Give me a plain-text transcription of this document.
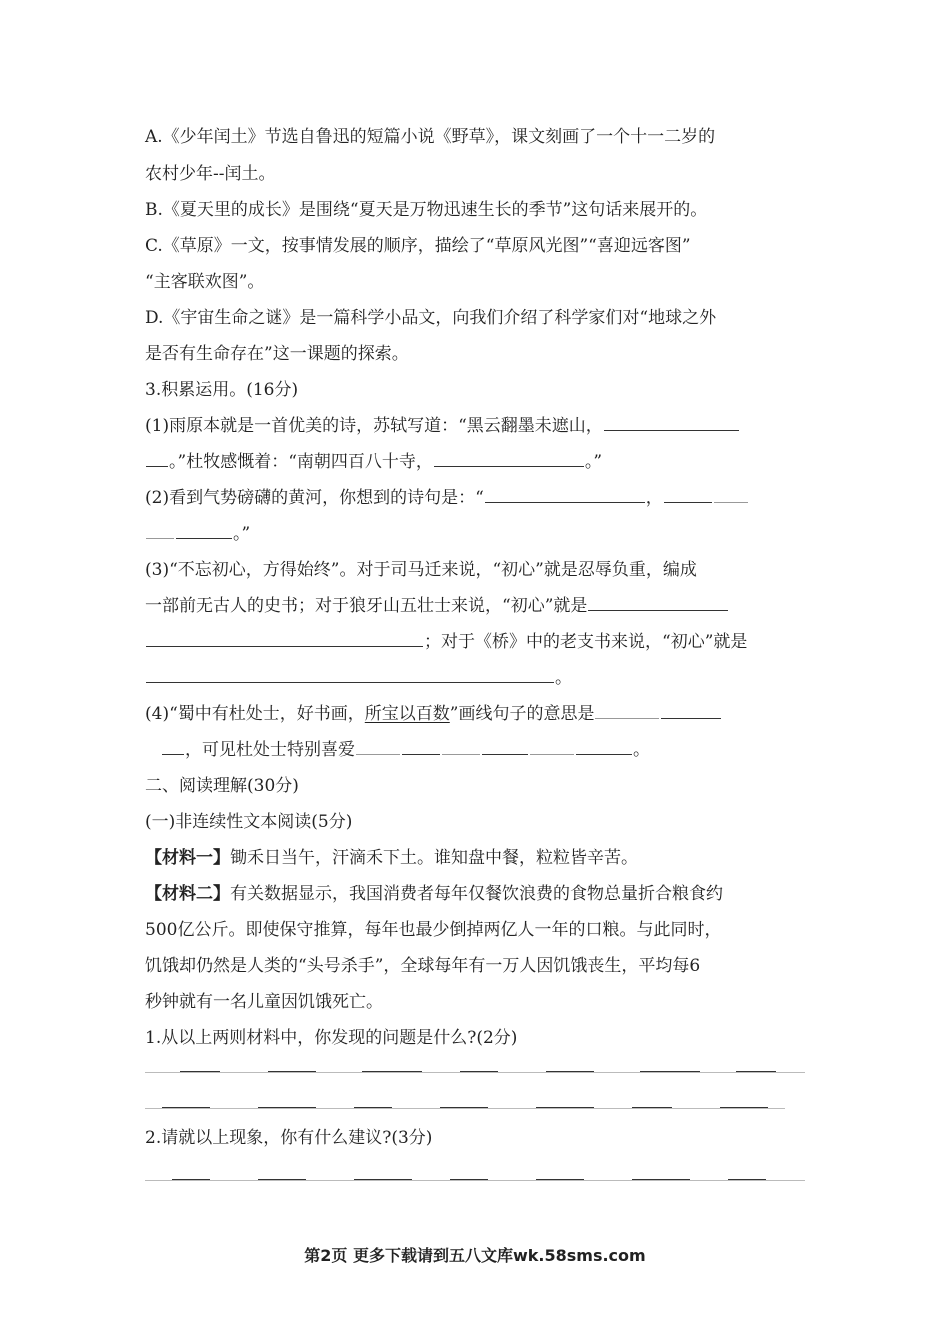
A.《少年闰土》节选自鲁迅的短篇小说《野草》，课文刻画了一个十一二岁的
农村少年--闰土。
B.《夏天里的成长》是围绕“夏天是万物迅速生长的季节”这句话来展开的。
C.《草原》一文，按事情发展的顺序，描绘了“草原风光图”“喜迎远客图”
“主客联欢图”。
D.《宇宙生命之谜》是一篇科学小品文，向我们介绍了科学家们对“地球之外
是否有生命存在”这一课题的探索。
3.积累运用。(16分)
(1)雨原本就是一首优美的诗，苏轼写道：“黑云翻墨未遮山，
。”杜牧感慨着：“南朝四百八十寺，	。”
(2)看到气势磅礴的黄河，你想到的诗句是：“	，
。”
(3)“不忘初心，方得始终”。对于司马迁来说，“初心”就是忍辱负重，编成
一部前无古人的史书；对于狼牙山五壮士来说，“初心”就是
；对于《桥》中的老支书来说，“初心”就是
。
(4)“蜀中有杜处士，好书画，所宝以百数”画线句子的意思是
，可见杜处士特别喜爱	。
二、阅读理解(30分)
(一)非连续性文本阅读(5分)
【材料一】锄禾日当午，汗滴禾下土。谁知盘中餐，粒粒皆辛苦。
【材料二】有关数据显示，我国消费者每年仅餐饮浪费的食物总量折合粮食约
500亿公斤。即使保守推算，每年也最少倒掉两亿人一年的口粮。与此同时，
饥饿却仍然是人类的“头号杀手”，全球每年有一万人因饥饿丧生，平均每6
秒钟就有一名儿童因饥饿死亡。
1.从以上两则材料中，你发现的问题是什么?(2分)
2.请就以上现象，你有什么建议?(3分)
第2页 更多下载请到五八文库wk.58sms.com
